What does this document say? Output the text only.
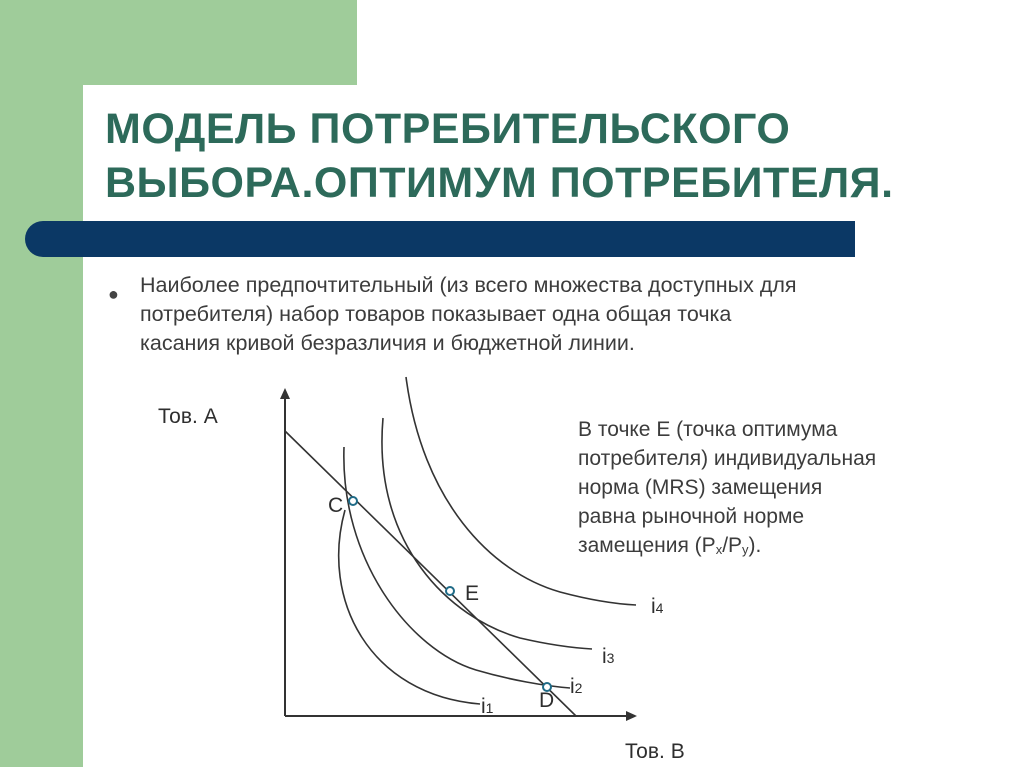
МОДЕЛЬ ПОТРЕБИТЕЛЬСКОГО
ВЫБОРА.ОПТИМУМ ПОТРЕБИТЕЛЯ.
● Наиболее предпочтительный (из всего множества доступных для
потребителя) набор товаров показывает одна общая точка
касания кривой безразличия и бюджетной линии.

В точке Е (точка оптимума
потребителя) индивидуальная
норма (MRS) замещения
равна рыночной норме
замещения $(P_x/P_y)$.

Тов. А
Тов. В
C
E
D
i4
i3
i2
i1
